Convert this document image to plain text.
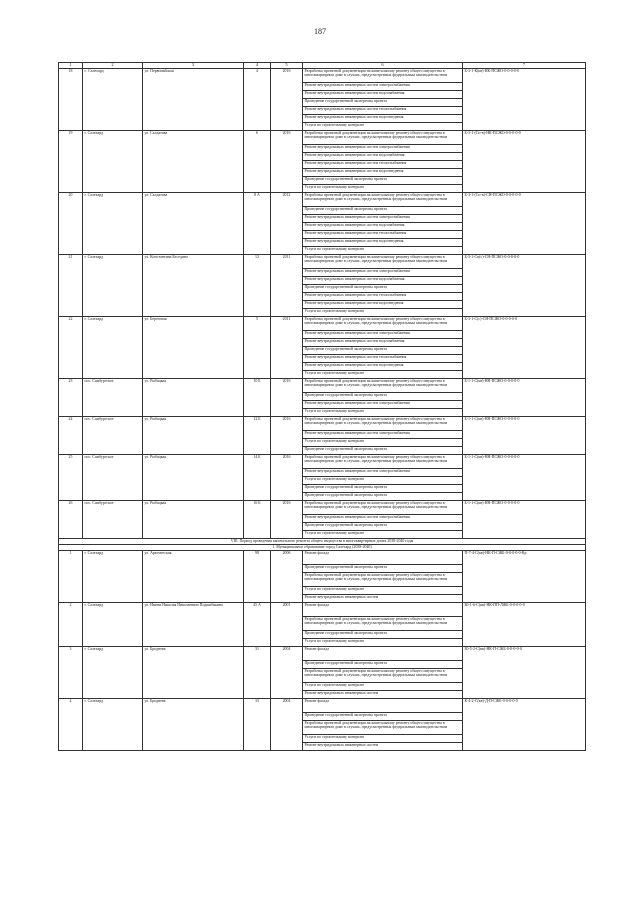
187
1	2	3	4	5	6	7
18	с. Салехард	ул. Первомайская	4	2016	Разработка проектной документации на капитальному ремонту общего имущества в многоквартирном доме в случаях, предусмотренных федеральным законодательством	Б-3-1-К(кв)-НК-ПСЖО-0-0-0-0-0
					Ремонт внутридомовых инженерных систем электроснабжения	
					Ремонт внутридомовых инженерных систем водоснабжения	
					Проведение государственной экспертизы проекта	
					Ремонт внутридомовых инженерных систем теплоснабжения	
					Ремонт внутридомовых инженерных систем водоотведения	
					Услуги по строительному контролю	
19	г. Салехард	ул. Салдатова	6	2016	Разработка проектной документации на капитальному ремонту общего имущества в многоквартирном доме в случаях, предусмотренных федеральным законодательством	Б-3-1-(Сп-в)-НК-ПСЖО-0-0-0-0-0
					Ремонт внутридомовых инженерных систем электроснабжения	
					Ремонт внутридомовых инженерных систем водоснабжения	
					Ремонт внутридомовых инженерных систем теплоснабжения	
					Ремонт внутридомовых инженерных систем водоотведения	
					Проведение государственной экспертизы проекта	
					Услуги по строительному контролю	
20	г. Салехард	ул. Салдатова	8 А	2012	Разработка проектной документации на капитальному ремонту общего имущества в многоквартирном доме в случаях, предусмотренных федеральным законодательством	Б-3-1-(Сп-в)-СН-ПСЖО-0-0-0-0-0
					Проведение государственной экспертизы проекта	
					Ремонт внутридомовых инженерных систем электроснабжения	
					Ремонт внутридомовых инженерных систем водоснабжения	
					Ремонт внутридомовых инженерных систем теплоснабжения	
					Ремонт внутридомовых инженерных систем водоотведения	
					Услуги по строительному контролю	
21	г. Салехард	ул. Константина Беседина	12	2011	Разработка проектной документации на капитальному ремонту общего имущества в многоквартирном доме в случаях, предусмотренных федеральным законодательством	Б-3-1-Сп(с)-СН-ПСЖО-0-0-0-0-0
					Ремонт внутридомовых инженерных систем электроснабжения	
					Ремонт внутридомовых инженерных систем водоснабжения	
					Проведение государственной экспертизы проекта	
					Ремонт внутридомовых инженерных систем теплоснабжения	
					Ремонт внутридомовых инженерных систем водоотведения	
					Услуги по строительному контролю	
22	г. Салехард	ул. Береговая	5	2011	Разработка проектной документации на капитальному ремонту общего имущества в многоквартирном доме в случаях, предусмотренных федеральным законодательством	Б-3-1-С(с)-СН-ПСЖО-0-0-0-0-0
					Ремонт внутридомовых инженерных систем электроснабжения	
					Ремонт внутридомовых инженерных систем водоснабжения	
					Проведение государственной экспертизы проекта	
					Ремонт внутридомовых инженерных систем теплоснабжения	
					Ремонт внутридомовых инженерных систем водоотведения	
					Услуги по строительному контролю	
23	пос. Самбургское	ул. Рыбацкая	10 Б	2016	Разработка проектной документации на капитальному ремонту общего имущества в многоквартирном доме в случаях, предусмотренных федеральным законодательством	Б-1-1-С(кв)-НН-ПСЖО-0-0-0-0-0
					Проведение государственной экспертизы проекта	
					Ремонт внутридомовых инженерных систем электроснабжения	
					Услуги по строительному контролю	
24	пос. Самбургское	ул. Рыбацкая	12 Б	2016	Разработка проектной документации на капитальному ремонту общего имущества в многоквартирном доме в случаях, предусмотренных федеральным законодательством	Б-1-1-С(кв)-НН-ПСЖО-0-0-0-0-0
					Ремонт внутридомовых инженерных систем электроснабжения	
					Услуги по строительному контролю	
					Проведение государственной экспертизы проекта	
25	пос. Самбургское	ул. Рыбацкая	14 Б	2016	Разработка проектной документации на капитальному ремонту общего имущества в многоквартирном доме в случаях, предусмотренных федеральным законодательством	Б-1-1-С(кв)-НН-ПСЖО-0-0-0-0-0
					Ремонт внутридомовых инженерных систем электроснабжения	
					Услуги по строительному контролю	
					Проведение государственной экспертизы проекта	
					Проведение государственной экспертизы проекта	
26	пос. Самбургское	ул. Рыбацкая	16 Б	2016	Разработка проектной документации на капитальному ремонту общего имущества в многоквартирном доме в случаях, предусмотренных федеральным законодательством	Б-1-1-С(кв)-НН-ПСЖО-0-0-0-0-0
					Ремонт внутридомовых инженерных систем электроснабжения	
					Проведение государственной экспертизы проекта	
					Услуги по строительному контролю	
VIII. Период проведения капитального ремонта общего имущества в многоквартирных домах 2038-2040 годы						
1. Муниципальное образование город Салехард (2038-2040)						
1	г. Салехард	ул. Арктическая	98	2006	Ремонт фасада	П-7-4-С(кв)-НК-П-СЖБ-0-0-0-0-0-Кр
					Проведение государственной экспертизы проекта	
					Разработка проектной документации на капитальному ремонту общего имущества в многоквартирном доме в случаях, предусмотренных федеральным законодательством	
					Услуги по строительному контролю	
					Ремонт внутридомовых инженерных систем	
2	г. Салехард	ул. Имени Николая Николаевича Подшибякина	45 А	2001	Ремонт фасада	Ю-1-6-С(кв)-НК-ПП-ЛЖБ-0-0-0-0-0
					Разработка проектной документации на капитальному ремонту общего имущества в многоквартирном доме в случаях, предусмотренных федеральным законодательством	
					Проведение государственной экспертизы проекта	
					Услуги по строительному контролю	
3	г. Салехард	ул. Броднева	31	2004	Ремонт фасада	Ю-5-2-С(кв)-НК-П-СЖБ-0-0-0-0-0
					Проведение государственной экспертизы проекта	
					Разработка проектной документации на капитальному ремонту общего имущества в многоквартирном доме в случаях, предусмотренных федеральным законодательством	
					Услуги по строительному контролю	
					Ремонт внутридомовых инженерных систем	
4	г. Салехард	ул. Броднева	33	2004	Ремонт фасада	К-4-2-С(кв)-Д-П-СЖБ-0-0-0-0-0
					Проведение государственной экспертизы проекта	
					Разработка проектной документации на капитальному ремонту общего имущества в многоквартирном доме в случаях, предусмотренных федеральным законодательством	
					Услуги по строительному контролю	
					Ремонт внутридомовых инженерных систем	
